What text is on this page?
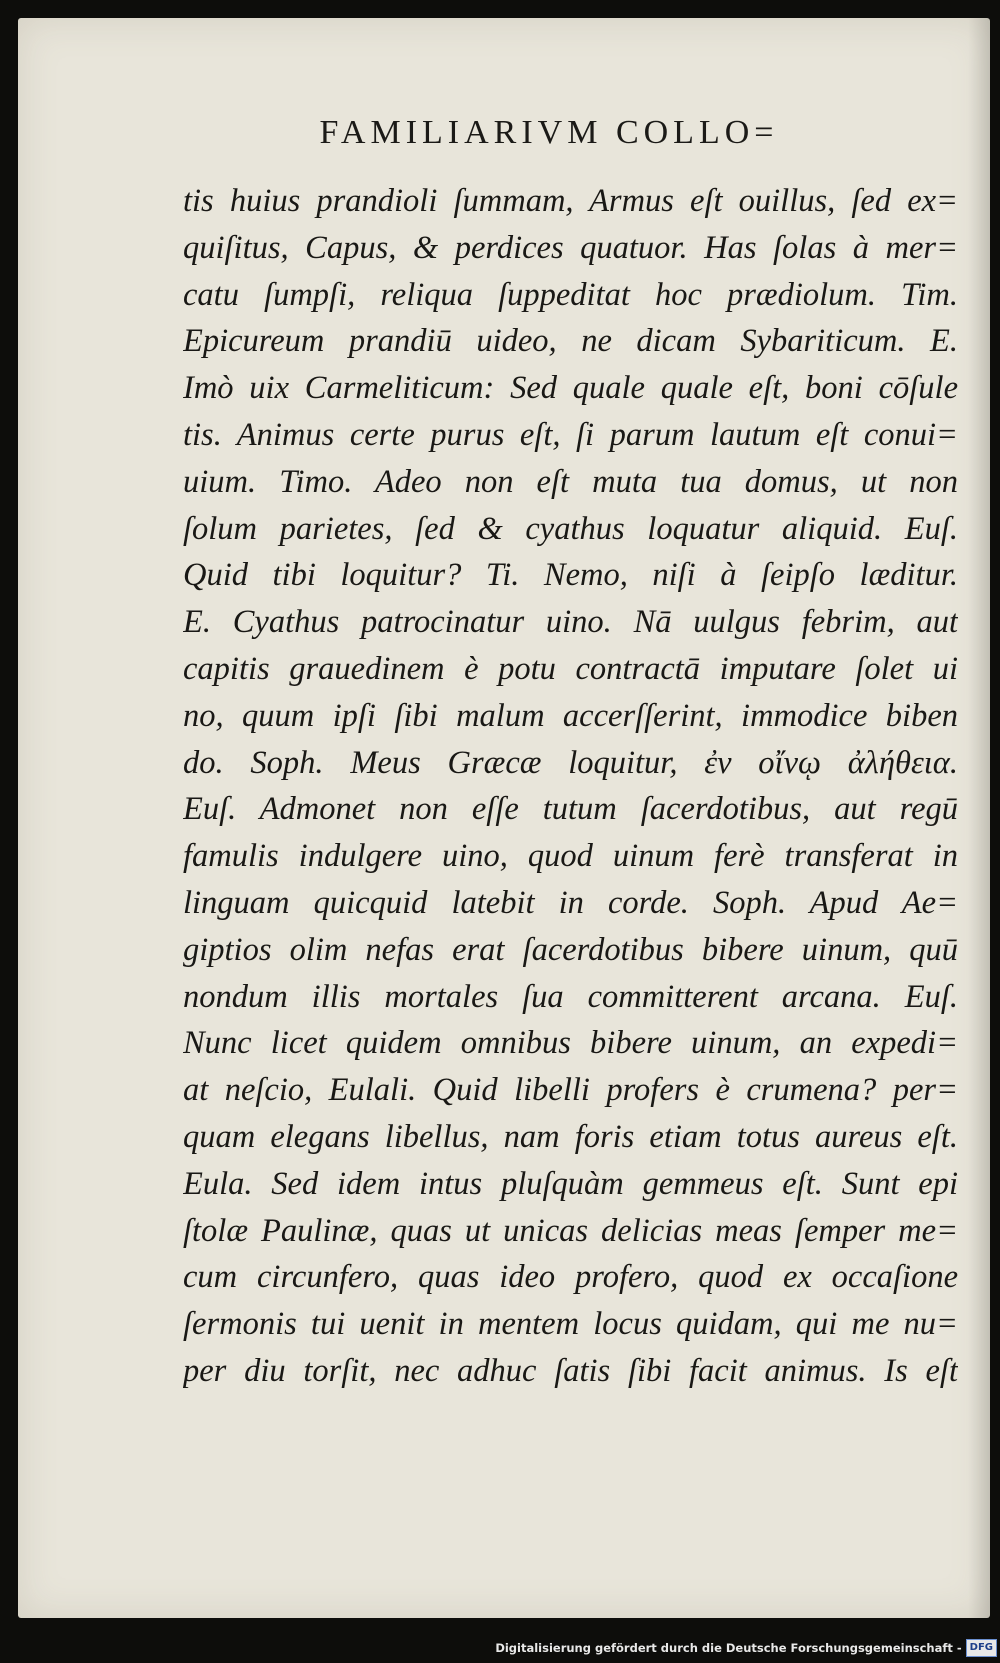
FAMILIARIVM COLLO=
tis huius prandioli ſummam, Armus eſt ouillus, ſed ex=
quiſitus, Capus, & perdices quatuor. Has ſolas à mer=
catu ſumpſi, reliqua ſuppeditat hoc prædiolum. Tim.
Epicureum prandiū uideo, ne dicam Sybariticum. E.
Imò uix Carmeliticum: Sed quale quale eſt, boni cōſule
tis. Animus certe purus eſt, ſi parum lautum eſt conui=
uium. Timo. Adeo non eſt muta tua domus, ut non
ſolum parietes, ſed & cyathus loquatur aliquid. Euſ.
Quid tibi loquitur? Ti. Nemo, niſi à ſeipſo læditur.
E. Cyathus patrocinatur uino. Nā uulgus febrim, aut
capitis grauedinem è potu contractā imputare ſolet ui
no, quum ipſi ſibi malum accerſſerint, immodice biben
do. Soph. Meus Græcæ loquitur, ἐν οἴνῳ ἀλήθεια.
Euſ. Admonet non eſſe tutum ſacerdotibus, aut regū
famulis indulgere uino, quod uinum ferè transferat in
linguam quicquid latebit in corde. Soph. Apud Ae=
giptios olim nefas erat ſacerdotibus bibere uinum, quū
nondum illis mortales ſua committerent arcana. Euſ.
Nunc licet quidem omnibus bibere uinum, an expedi=
at neſcio, Eulali. Quid libelli profers è crumena? per=
quam elegans libellus, nam foris etiam totus aureus eſt.
Eula. Sed idem intus pluſquàm gemmeus eſt. Sunt epi
ſtolæ Paulinæ, quas ut unicas delicias meas ſemper me=
cum circunfero, quas ideo profero, quod ex occaſione
ſermonis tui uenit in mentem locus quidam, qui me nu=
per diu torſit, nec adhuc ſatis ſibi facit animus. Is eſt
Digitalisierung gefördert durch die Deutsche Forschungsgemeinschaft - DFG
